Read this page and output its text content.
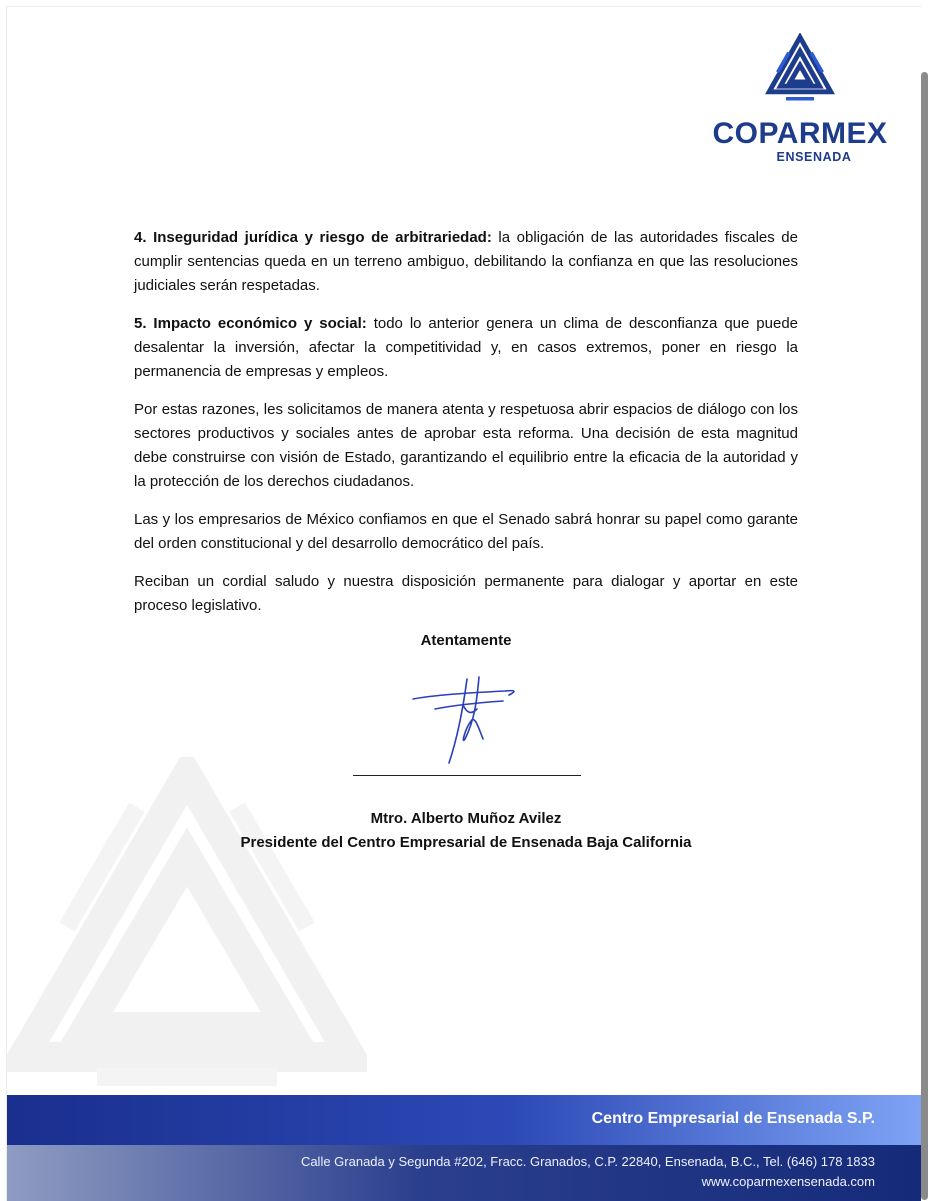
COPARMEX
ENSENADA

4. Inseguridad jurídica y riesgo de arbitrariedad: la obligación de las autoridades fiscales de cumplir sentencias queda en un terreno ambiguo, debilitando la confianza en que las resoluciones judiciales serán respetadas.

5. Impacto económico y social: todo lo anterior genera un clima de desconfianza que puede desalentar la inversión, afectar la competitividad y, en casos extremos, poner en riesgo la permanencia de empresas y empleos.

Por estas razones, les solicitamos de manera atenta y respetuosa abrir espacios de diálogo con los sectores productivos y sociales antes de aprobar esta reforma. Una decisión de esta magnitud debe construirse con visión de Estado, garantizando el equilibrio entre la eficacia de la autoridad y la protección de los derechos ciudadanos.

Las y los empresarios de México confiamos en que el Senado sabrá honrar su papel como garante del orden constitucional y del desarrollo democrático del país.

Reciban un cordial saludo y nuestra disposición permanente para dialogar y aportar en este proceso legislativo.

Atentamente
Mtro. Alberto Muñoz Avilez
Presidente del Centro Empresarial de Ensenada Baja California
Centro Empresarial de Ensenada S.P.
Calle Granada y Segunda #202, Fracc. Granados, C.P. 22840, Ensenada, B.C., Tel. (646) 178 1833
www.coparmexensenada.com
